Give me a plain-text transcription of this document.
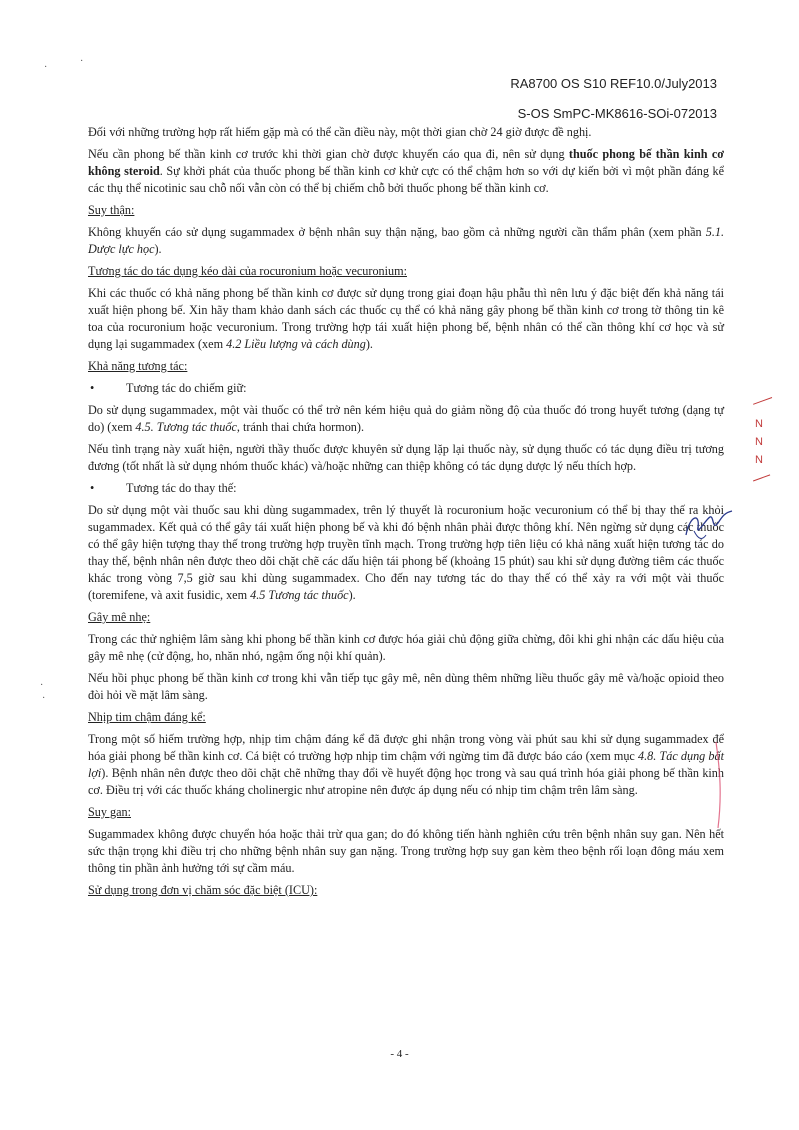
·
·
·
·
RA8700 OS S10 REF10.0/July2013
S-OS SmPC-MK8616-SOi-072013

Đối với những trường hợp rất hiếm gặp mà có thể cần điều này, một thời gian chờ 24 giờ được đề nghị.

Nếu cần phong bế thần kinh cơ trước khi thời gian chờ được khuyến cáo qua đi, nên sử dụng thuốc phong bế thần kinh cơ không steroid. Sự khởi phát của thuốc phong bế thần kinh cơ khử cực có thể chậm hơn so với dự kiến bởi vì một phần đáng kể các thụ thể nicotinic sau chỗ nối vẫn còn có thể bị chiếm chỗ bởi thuốc phong bế thần kinh cơ.

Suy thận:

Không khuyến cáo sử dụng sugammadex ở bệnh nhân suy thận nặng, bao gồm cả những người cần thẩm phân (xem phần 5.1. Dược lực học).

Tương tác do tác dụng kéo dài của rocuronium hoặc vecuronium:

Khi các thuốc có khả năng phong bế thần kinh cơ được sử dụng trong giai đoạn hậu phẫu thì nên lưu ý đặc biệt đến khả năng tái xuất hiện phong bế. Xin hãy tham khảo danh sách các thuốc cụ thể có khả năng gây phong bế thần kinh cơ trong tờ thông tin kê toa của rocuronium hoặc vecuronium. Trong trường hợp tái xuất hiện phong bế, bệnh nhân có thể cần thông khí cơ học và sử dụng lại sugammadex (xem 4.2 Liều lượng và cách dùng).

Khả năng tương tác:
•	Tương tác do chiếm giữ:

Do sử dụng sugammadex, một vài thuốc có thể trở nên kém hiệu quả do giảm nồng độ của thuốc đó trong huyết tương (dạng tự do) (xem 4.5. Tương tác thuốc, tránh thai chứa hormon).

Nếu tình trạng này xuất hiện, người thầy thuốc được khuyên sử dụng lặp lại thuốc này, sử dụng thuốc có tác dụng điều trị tương đương (tốt nhất là sử dụng nhóm thuốc khác) và/hoặc những can thiệp không có tác dụng dược lý nếu thích hợp.

•	Tương tác do thay thế:

Do sử dụng một vài thuốc sau khi dùng sugammadex, trên lý thuyết là rocuronium hoặc vecuronium có thể bị thay thế ra khỏi sugammadex. Kết quả có thể gây tái xuất hiện phong bế và khi đó bệnh nhân phải được thông khí. Nên ngừng sử dụng các thuốc có thể gây hiện tượng thay thế trong trường hợp truyền tĩnh mạch. Trong trường hợp tiên liệu có khả năng xuất hiện tương tác do thay thế, bệnh nhân nên được theo dõi chặt chẽ các dấu hiện tái phong bế (khoảng 15 phút) sau khi sử dụng đường tiêm các thuốc khác trong vòng 7,5 giờ sau khi dùng sugammadex. Cho đến nay tương tác do thay thế có thể xảy ra với một vài thuốc (toremifene, và axit fusidic, xem 4.5 Tương tác thuốc).

Gây mê nhẹ:

Trong các thử nghiệm lâm sàng khi phong bế thần kinh cơ được hóa giải chủ động giữa chừng, đôi khi ghi nhận các dấu hiệu của gây mê nhẹ (cử động, ho, nhăn nhó, ngậm ống nội khí quản).

Nếu hồi phục phong bế thần kinh cơ trong khi vẫn tiếp tục gây mê, nên dùng thêm những liều thuốc gây mê và/hoặc opioid theo đòi hỏi về mặt lâm sàng.

Nhịp tim chậm đáng kể:

Trong một số hiếm trường hợp, nhịp tim chậm đáng kể đã được ghi nhận trong vòng vài phút sau khi sử dụng sugammadex để hóa giải phong bế thần kinh cơ. Cá biệt có trường hợp nhịp tim chậm với ngừng tim đã được báo cáo (xem mục 4.8. Tác dụng bất lợi). Bệnh nhân nên được theo dõi chặt chẽ những thay đổi về huyết động học trong và sau quá trình hóa giải phong bế thần kinh cơ. Điều trị với các thuốc kháng cholinergic như atropine nên được áp dụng nếu có nhịp tim chậm trên lâm sàng.

Suy gan:

Sugammadex không được chuyển hóa hoặc thải trừ qua gan; do đó không tiến hành nghiên cứu trên bệnh nhân suy gan. Nên hết sức thận trọng khi điều trị cho những bệnh nhân suy gan nặng. Trong trường hợp suy gan kèm theo bệnh rối loạn đông máu xem thông tin phần ảnh hưởng tới sự cầm máu.

Sử dụng trong đơn vị chăm sóc đặc biệt (ICU):
N
N
N
- 4 -
